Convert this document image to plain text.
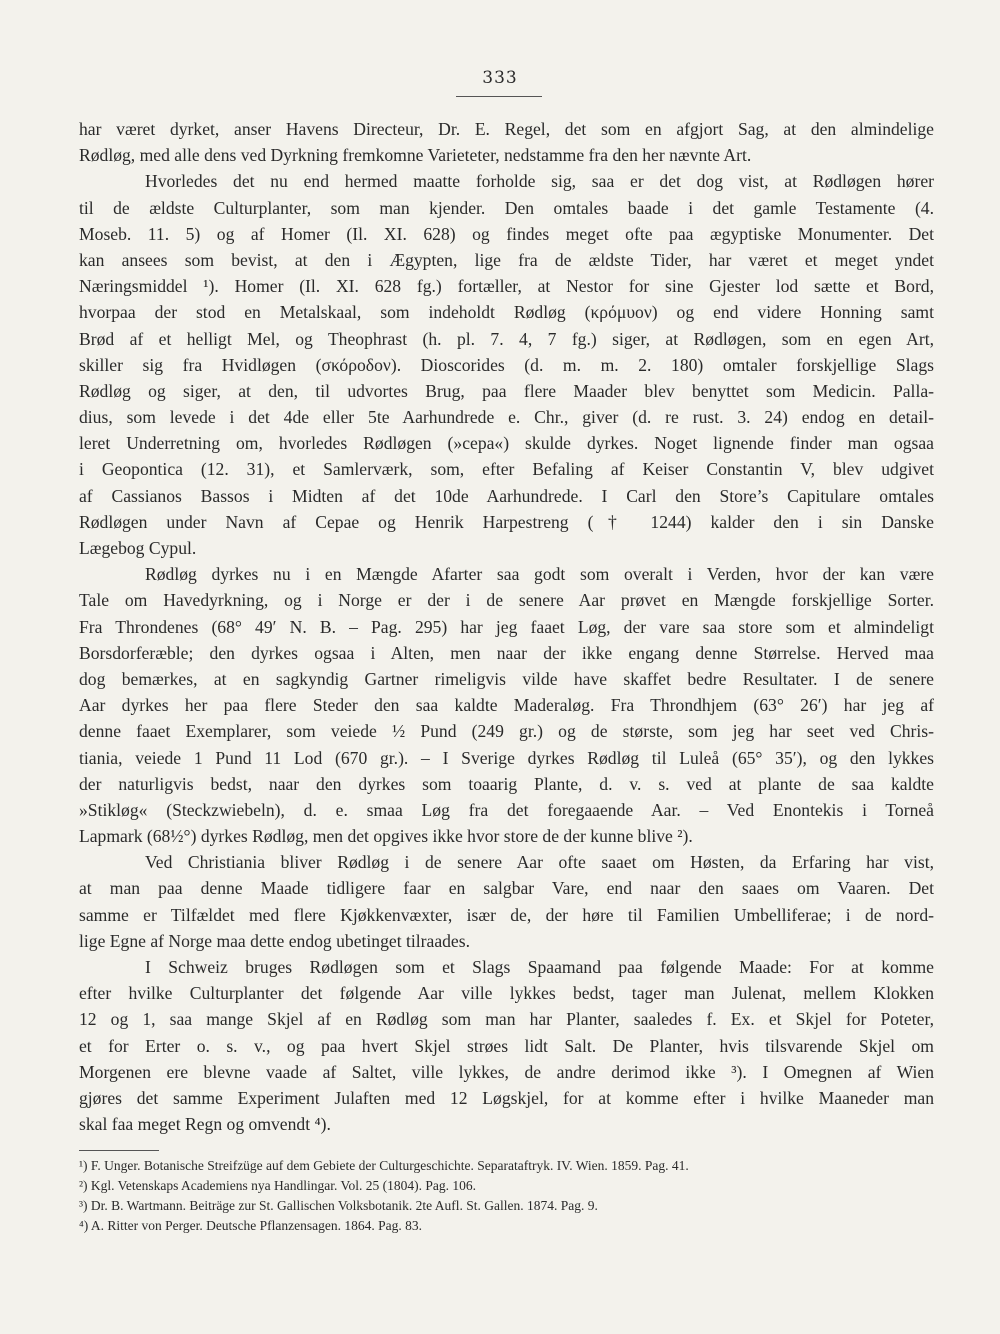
333
har været dyrket, anser Havens Directeur, Dr. E. Regel, det som en afgjort Sag, at den almindelige
Rødløg, med alle dens ved Dyrkning fremkomne Varieteter, nedstamme fra den her nævnte Art.
Hvorledes det nu end hermed maatte forholde sig, saa er det dog vist, at Rødløgen hører
til de ældste Culturplanter, som man kjender. Den omtales baade i det gamle Testamente (4.
Moseb. 11. 5) og af Homer (Il. XI. 628) og findes meget ofte paa ægyptiske Monumenter. Det
kan ansees som bevist, at den i Ægypten, lige fra de ældste Tider, har været et meget yndet
Næringsmiddel ¹). Homer (Il. XI. 628 fg.) fortæller, at Nestor for sine Gjester lod sætte et Bord,
hvorpaa der stod en Metalskaal, som indeholdt Rødløg (κρόμυον) og end videre Honning samt
Brød af et helligt Mel, og Theophrast (h. pl. 7. 4, 7 fg.) siger, at Rødløgen, som en egen Art,
skiller sig fra Hvidløgen (σκόροδον). Dioscorides (d. m. m. 2. 180) omtaler forskjellige Slags
Rødløg og siger, at den, til udvortes Brug, paa flere Maader blev benyttet som Medicin. Palla-
dius, som levede i det 4de eller 5te Aarhundrede e. Chr., giver (d. re rust. 3. 24) endog en detail-
leret Underretning om, hvorledes Rødløgen (»cepa«) skulde dyrkes. Noget lignende finder man ogsaa
i Geopontica (12. 31), et Samlerværk, som, efter Befaling af Keiser Constantin V, blev udgivet
af Cassianos Bassos i Midten af det 10de Aarhundrede. I Carl den Store’s Capitulare omtales
Rødløgen under Navn af Cepae og Henrik Harpestreng († 1244) kalder den i sin Danske
Lægebog Cypul.
Rødløg dyrkes nu i en Mængde Afarter saa godt som overalt i Verden, hvor der kan være
Tale om Havedyrkning, og i Norge er der i de senere Aar prøvet en Mængde forskjellige Sorter.
Fra Throndenes (68° 49′ N. B. – Pag. 295) har jeg faaet Løg, der vare saa store som et almindeligt
Borsdorferæble; den dyrkes ogsaa i Alten, men naar der ikke engang denne Størrelse. Herved maa
dog bemærkes, at en sagkyndig Gartner rimeligvis vilde have skaffet bedre Resultater. I de senere
Aar dyrkes her paa flere Steder den saa kaldte Maderaløg. Fra Throndhjem (63° 26′) har jeg af
denne faaet Exemplarer, som veiede ½ Pund (249 gr.) og de største, som jeg har seet ved Chris-
tiania, veiede 1 Pund 11 Lod (670 gr.). – I Sverige dyrkes Rødløg til Luleå (65° 35′), og den lykkes
der naturligvis bedst, naar den dyrkes som toaarig Plante, d. v. s. ved at plante de saa kaldte
»Stikløg« (Steckzwiebeln), d. e. smaa Løg fra det foregaaende Aar. – Ved Enontekis i Torneå
Lapmark (68½°) dyrkes Rødløg, men det opgives ikke hvor store de der kunne blive ²).
Ved Christiania bliver Rødløg i de senere Aar ofte saaet om Høsten, da Erfaring har vist,
at man paa denne Maade tidligere faar en salgbar Vare, end naar den saaes om Vaaren. Det
samme er Tilfældet med flere Kjøkkenvæxter, især de, der høre til Familien Umbelliferae; i de nord-
lige Egne af Norge maa dette endog ubetinget tilraades.
I Schweiz bruges Rødløgen som et Slags Spaamand paa følgende Maade: For at komme
efter hvilke Culturplanter det følgende Aar ville lykkes bedst, tager man Julenat, mellem Klokken
12 og 1, saa mange Skjel af en Rødløg som man har Planter, saaledes f. Ex. et Skjel for Poteter,
et for Erter o. s. v., og paa hvert Skjel strøes lidt Salt. De Planter, hvis tilsvarende Skjel om
Morgenen ere blevne vaade af Saltet, ville lykkes, de andre derimod ikke ³). I Omegnen af Wien
gjøres det samme Experiment Julaften med 12 Løgskjel, for at komme efter i hvilke Maaneder man
skal faa meget Regn og omvendt ⁴).
¹) F. Unger. Botanische Streifzüge auf dem Gebiete der Culturgeschichte. Separataftryk. IV. Wien. 1859. Pag. 41.
²) Kgl. Vetenskaps Academiens nya Handlingar. Vol. 25 (1804). Pag. 106.
³) Dr. B. Wartmann. Beiträge zur St. Gallischen Volksbotanik. 2te Aufl. St. Gallen. 1874. Pag. 9.
⁴) A. Ritter von Perger. Deutsche Pflanzensagen. 1864. Pag. 83.
